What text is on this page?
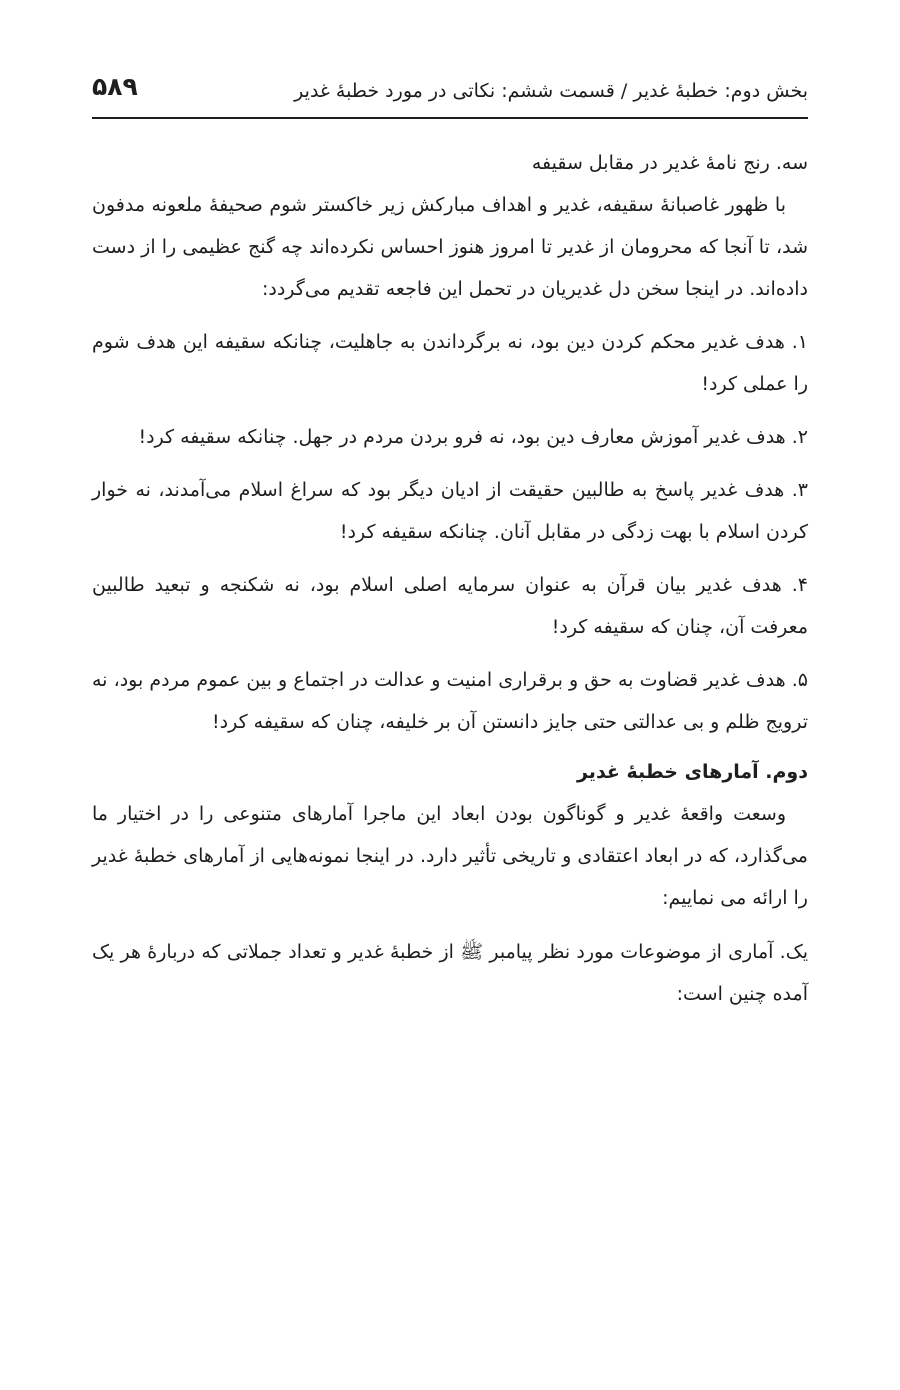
بخش دوم: خطبهٔ غدیر / قسمت ششم: نکاتی در مورد خطبهٔ غدیر
۵۸۹

سه. رنج نامهٔ غدیر در مقابل سقیفه

با ظهور غاصبانهٔ سقیفه، غدیر و اهداف مبارکش زیر خاکستر شوم صحیفهٔ ملعونه مدفون شد، تا آنجا که محرومان از غدیر تا امروز هنوز احساس نکرده‌اند چه گنج عظیمی را از دست داده‌اند. در اینجا سخن دل غدیریان در تحمل این فاجعه تقدیم می‌گردد:

۱. هدف غدیر محکم کردن دین بود، نه برگرداندن به جاهلیت، چنانکه سقیفه این هدف شوم را عملی کرد!

۲. هدف غدیر آموزش معارف دین بود، نه فرو بردن مردم در جهل. چنانکه سقیفه کرد!

۳. هدف غدیر پاسخ به طالبین حقیقت از ادیان دیگر بود که سراغ اسلام می‌آمدند، نه خوار کردن اسلام با بهت زدگی در مقابل آنان. چنانکه سقیفه کرد!

۴. هدف غدیر بیان قرآن به عنوان سرمایه اصلی اسلام بود، نه شکنجه و تبعید طالبین معرفت آن، چنان که سقیفه کرد!

۵. هدف غدیر قضاوت به حق و برقراری امنیت و عدالت در اجتماع و بین عموم مردم بود، نه ترویج ظلم و بی عدالتی حتی جایز دانستن آن بر خلیفه، چنان که سقیفه کرد!

دوم. آمارهای خطبهٔ غدیر

وسعت واقعهٔ غدیر و گوناگون بودن ابعاد این ماجرا آمارهای متنوعی را در اختیار ما می‌گذارد، که در ابعاد اعتقادی و تاریخی تأثیر دارد. در اینجا نمونه‌هایی از آمارهای خطبهٔ غدیر را ارائه می نماییم:

یک. آماری از موضوعات مورد نظر پیامبر ﷺ از خطبهٔ غدیر و تعداد جملاتی که دربارهٔ هر یک آمده چنین است:
